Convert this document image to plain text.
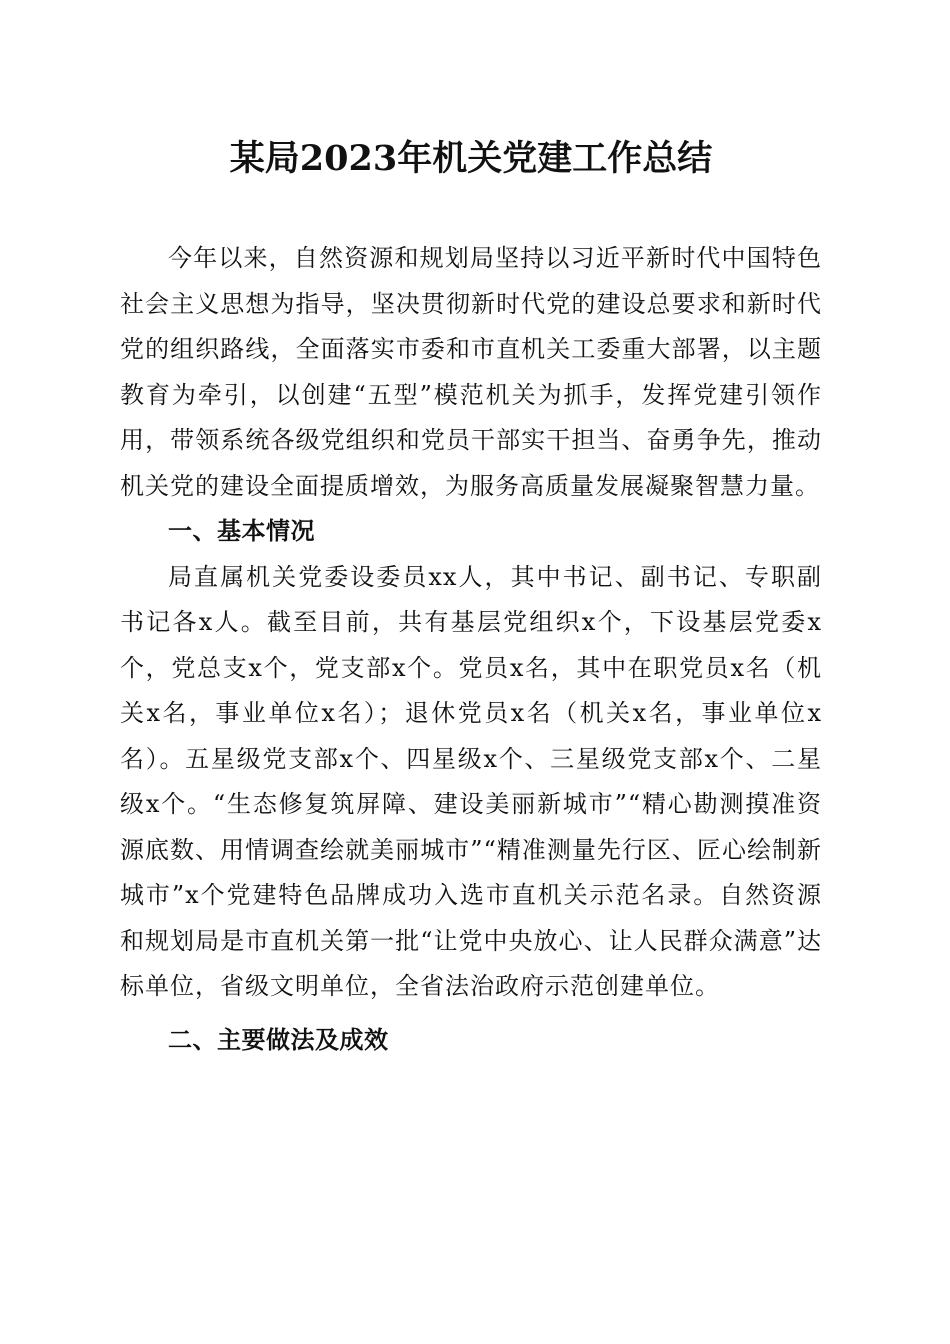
某局2023年机关党建工作总结

今年以来，自然资源和规划局坚持以习近平新时代中国特色社会主义思想为指导，坚决贯彻新时代党的建设总要求和新时代党的组织路线，全面落实市委和市直机关工委重大部署，以主题教育为牵引，以创建“五型”模范机关为抓手，发挥党建引领作用，带领系统各级党组织和党员干部实干担当、奋勇争先，推动机关党的建设全面提质增效，为服务高质量发展凝聚智慧力量。

一、基本情况

局直属机关党委设委员xx人，其中书记、副书记、专职副书记各x人。截至目前，共有基层党组织x个，下设基层党委x个，党总支x个，党支部x个。党员x名，其中在职党员x名（机关x名，事业单位x名）；退休党员x名（机关x名，事业单位x名）。五星级党支部x个、四星级x个、三星级党支部x个、二星级x个。“生态修复筑屏障、建设美丽新城市”“精心勘测摸准资源底数、用情调查绘就美丽城市”“精准测量先行区、匠心绘制新城市”x个党建特色品牌成功入选市直机关示范名录。自然资源和规划局是市直机关第一批“让党中央放心、让人民群众满意”达标单位，省级文明单位，全省法治政府示范创建单位。

二、主要做法及成效
